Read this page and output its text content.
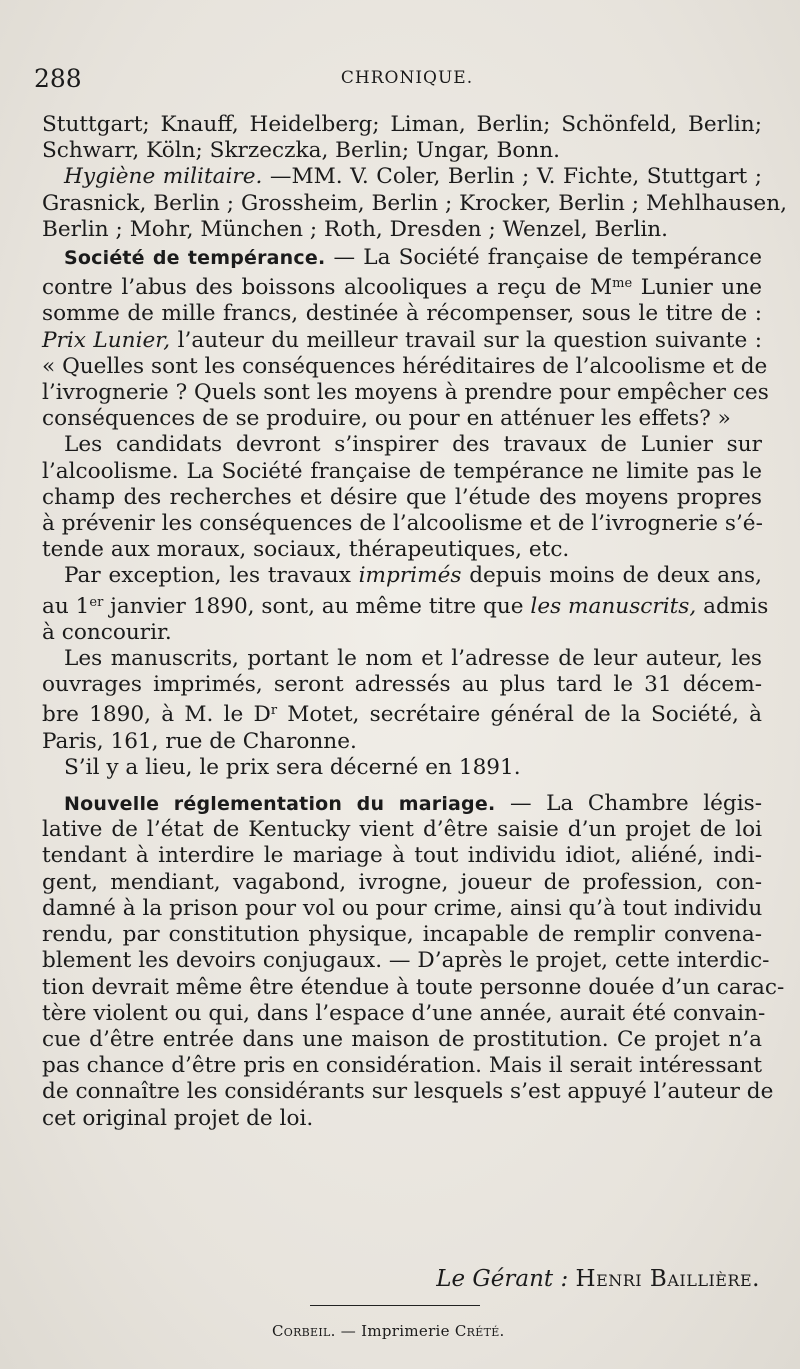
288	CHRONIQUE.
Stuttgart; Knauff, Heidelberg; Liman, Berlin; Schönfeld, Berlin;
Schwarr, Köln; Skrzeczka, Berlin; Ungar, Bonn.
Hygiène militaire. —MM. V. Coler, Berlin ; V. Fichte, Stuttgart ;
Grasnick, Berlin ; Grossheim, Berlin ; Krocker, Berlin ; Mehlhausen,
Berlin ; Mohr, München ; Roth, Dresden ; Wenzel, Berlin.
Société de tempérance. — La Société française de tempérance
contre l’abus des boissons alcooliques a reçu de $M^{me}$ Lunier une
somme de mille francs, destinée à récompenser, sous le titre de :
Prix Lunier, l’auteur du meilleur travail sur la question suivante :
« Quelles sont les conséquences héréditaires de l’alcoolisme et de
l’ivrognerie ? Quels sont les moyens à prendre pour empêcher ces
conséquences de se produire, ou pour en atténuer les effets? »
Les candidats devront s’inspirer des travaux de Lunier sur
l’alcoolisme. La Société française de tempérance ne limite pas le
champ des recherches et désire que l’étude des moyens propres
à prévenir les conséquences de l’alcoolisme et de l’ivrognerie s’é-
tende aux moraux, sociaux, thérapeutiques, etc.
Par exception, les travaux imprimés depuis moins de deux ans,
au 1er janvier 1890, sont, au même titre que les manuscrits, admis
à concourir.
Les manuscrits, portant le nom et l’adresse de leur auteur, les
ouvrages imprimés, seront adressés au plus tard le 31 décem-
bre 1890, à M. le $D^r$ Motet, secrétaire général de la Société, à
Paris, 161, rue de Charonne.
S’il y a lieu, le prix sera décerné en 1891.
Nouvelle réglementation du mariage. — La Chambre légis-
lative de l’état de Kentucky vient d’être saisie d’un projet de loi
tendant à interdire le mariage à tout individu idiot, aliéné, indi-
gent, mendiant, vagabond, ivrogne, joueur de profession, con-
damné à la prison pour vol ou pour crime, ainsi qu’à tout individu
rendu, par constitution physique, incapable de remplir convena-
blement les devoirs conjugaux. — D’après le projet, cette interdic-
tion devrait même être étendue à toute personne douée d’un carac-
tère violent ou qui, dans l’espace d’une année, aurait été convain-
cue d’être entrée dans une maison de prostitution. Ce projet n’a
pas chance d’être pris en considération. Mais il serait intéressant
de connaître les considérants sur lesquels s’est appuyé l’auteur de
cet original projet de loi.
Le Gérant : Henri Baillière.
Corbeil. — Imprimerie Crété.
